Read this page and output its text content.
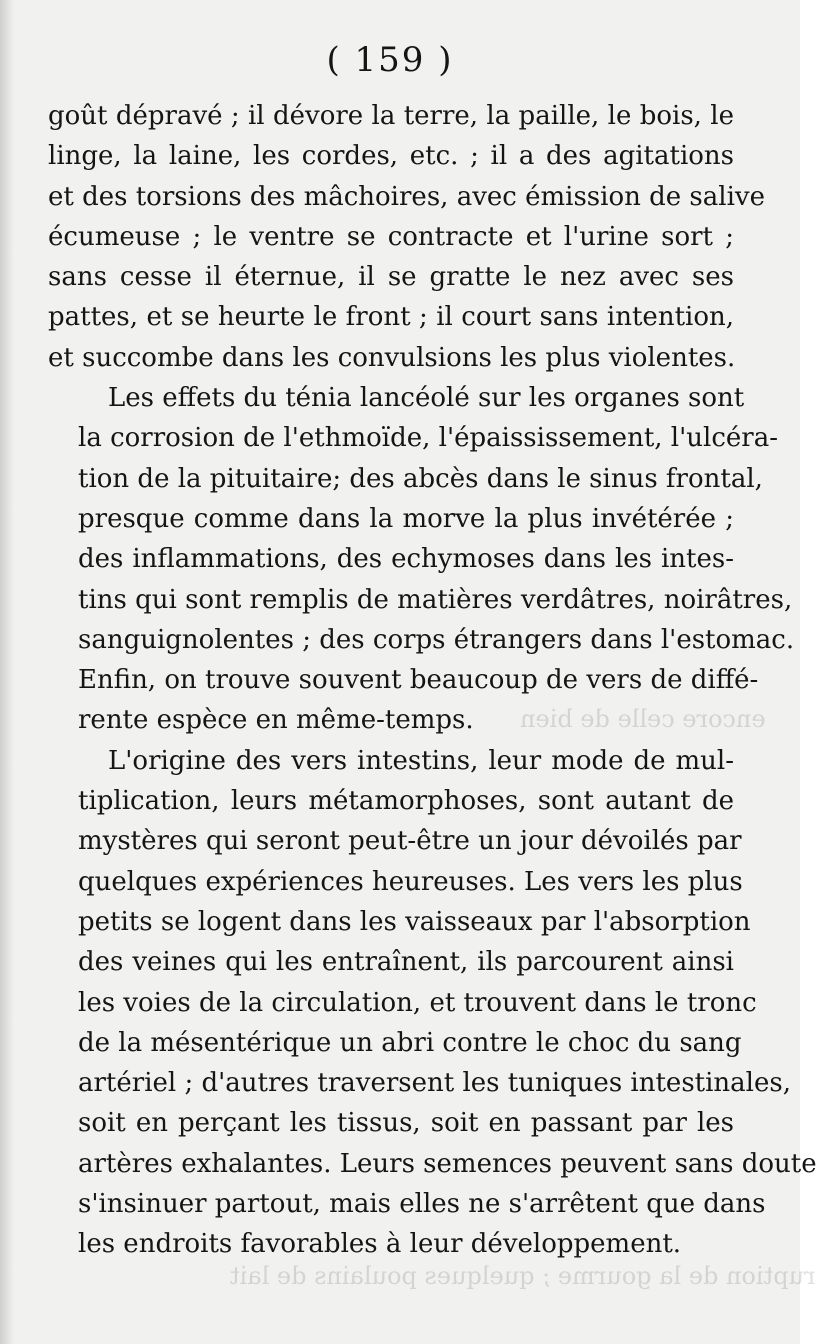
encore celle de bien
ruption de la gourme ; quelques poulains de lait
( 159 )
goût dépravé ; il dévore la terre, la paille, le bois, le
linge, la laine, les cordes, etc. ; il a des agitations
et des torsions des mâchoires, avec émission de salive
écumeuse ; le ventre se contracte et l'urine sort ;
sans cesse il éternue, il se gratte le nez avec ses
pattes, et se heurte le front ; il court sans intention,
et succombe dans les convulsions les plus violentes.
Les effets du ténia lancéolé sur les organes sont
la corrosion de l'ethmoïde, l'épaississement, l'ulcéra-
tion de la pituitaire; des abcès dans le sinus frontal,
presque comme dans la morve la plus invétérée ;
des inflammations, des echymoses dans les intes-
tins qui sont remplis de matières verdâtres, noirâtres,
sanguignolentes ; des corps étrangers dans l'estomac.
Enfin, on trouve souvent beaucoup de vers de diffé-
rente espèce en même-temps.
L'origine des vers intestins, leur mode de mul-
tiplication, leurs métamorphoses, sont autant de
mystères qui seront peut-être un jour dévoilés par
quelques expériences heureuses. Les vers les plus
petits se logent dans les vaisseaux par l'absorption
des veines qui les entraînent, ils parcourent ainsi
les voies de la circulation, et trouvent dans le tronc
de la mésentérique un abri contre le choc du sang
artériel ; d'autres traversent les tuniques intestinales,
soit en perçant les tissus, soit en passant par les
artères exhalantes. Leurs semences peuvent sans doute
s'insinuer partout, mais elles ne s'arrêtent que dans
les endroits favorables à leur développement.
